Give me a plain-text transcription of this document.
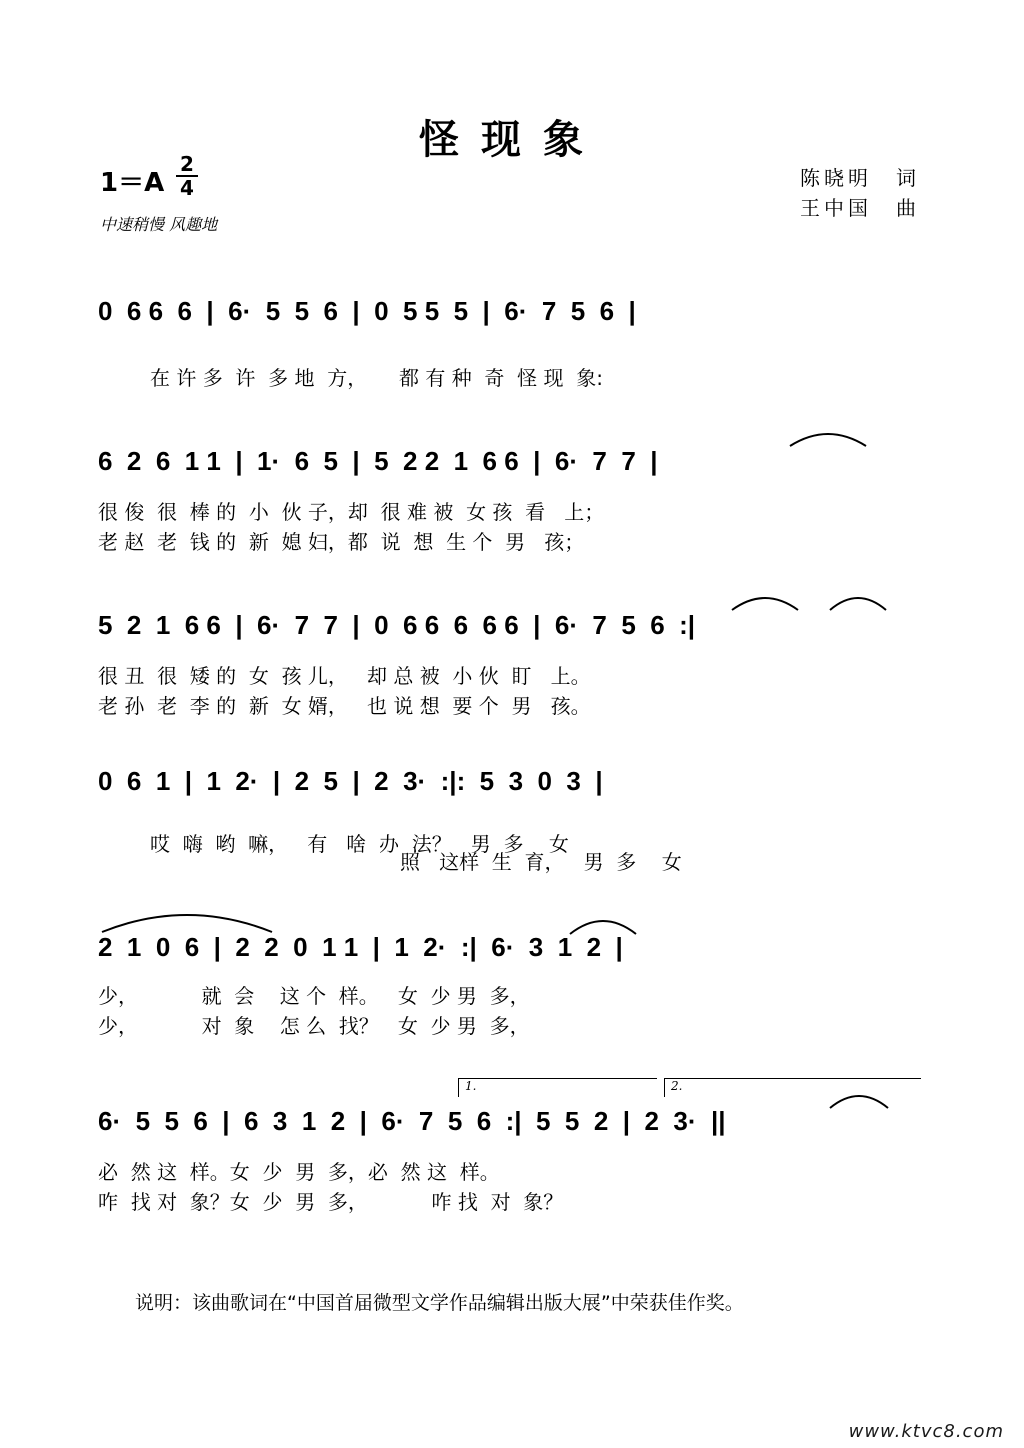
怪现象
1＝A
2
4
中速稍慢 风趣地
陈晓明　词
王中国　曲
0  6 6  6  |  6·  5  5  6  |  0  5 5  5  |  6·  7  5  6  |
在 许 多  许  多 地  方，     都 有 种  奇  怪 现  象:
6  2  6  1 1  |  1·  6  5  |  5  2 2  1  6 6  |  6·  7  7  |
很 俊  很  棒 的  小  伙 子，却  很 难 被  女 孩  看   上；
老 赵  老  钱 的  新  媳 妇，都  说  想  生 个  男   孩；
5  2  1  6 6  |  6·  7  7  |  0  6 6  6  6 6  |  6·  7  5  6  :|
很 丑  很  矮 的  女  孩 儿，   却 总 被  小 伙  盯   上。
老 孙  老  李 的  新  女 婿，   也 说 想  要 个  男   孩。
0  6  1  |  1  2·  |  2  5  |  2  3·  :|:  5  3  0  3  |
哎  嗨  哟  嘛，   有   啥  办  法？   男  多    女
照   这样  生  育，   男  多    女
2  1  0  6  |  2  2  0  1 1  |  1  2·  :|  6·  3  1  2  |
少，          就  会    这 个  样。   女  少 男  多，
少，          对  象    怎 么  找？   女  少 男  多，
1.	2.
6·  5  5  6  |  6  3  1  2  |  6·  7  5  6  :|  5  5  2  |  2  3·  ||
必  然 这  样。女  少  男  多，必  然 这  样。
咋  找 对  象？女  少  男  多，          咋 找  对  象？
说明：该曲歌词在“中国首届微型文学作品编辑出版大展”中荣获佳作奖。
www.ktvc8.com
